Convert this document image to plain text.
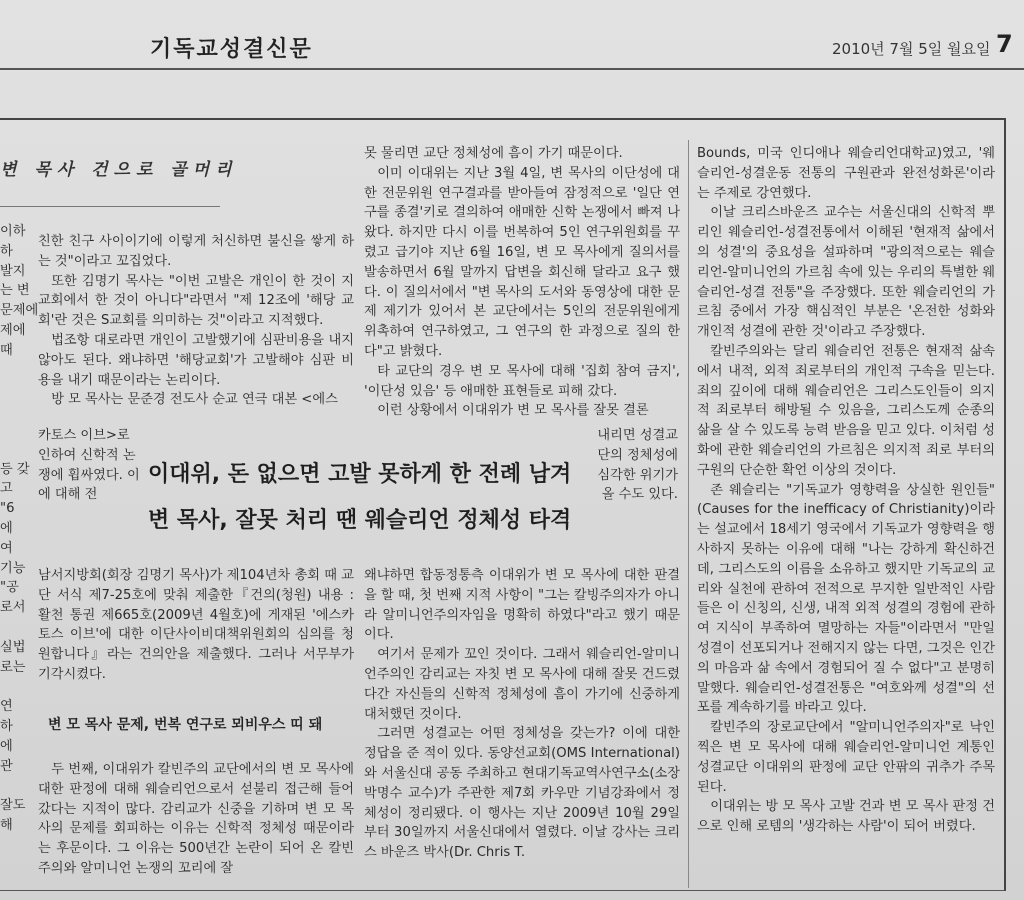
기독교성결신문	2010년 7월 5일 월요일 7
변 목사 건으로 골머리
이하
하
발지
는 변
문제에
제에
때

등 갖
고
"6
에
여
기능
"공
로서

실법
로는

연
하
에
관

잘도
해

친한 친구 사이이기에 이렇게 처신하면 불신을 쌓게 하는 것"이라고 꼬집었다.

또한 김명기 목사는 "이번 고발은 개인이 한 것이 지 교회에서 한 것이 아니다"라면서 "제 12조에 '해당 교회'란 것은 S교회를 의미하는 것"이라고 지적했다.

법조항 대로라면 개인이 고발했기에 심판비용을 내지 않아도 된다. 왜냐하면 '해당교회'가 고발해야 심판 비용을 내기 때문이라는 논리이다.

방 모 목사는 문준경 전도사 순교 연극 대본 <에스

카토스 이브>로 인하여 신학적 논쟁에 휩싸였다. 이에 대해 전

남서지방회(회장 김명기 목사)가 제104년차 총회 때 교단 서식 제7-25호에 맞춰 제출한『건의(청원) 내용 : 활천 통권 제665호(2009년 4월호)에 게재된 '에스카토스 이브'에 대한 이단사이비대책위원회의 심의를 청원합니다』라는 건의안을 제출했다. 그러나 서무부가 기각시켰다.

변 모 목사 문제, 번복 연구로 뫼비우스 띠 돼

두 번째, 이대위가 칼빈주의 교단에서의 변 모 목사에 대한 판정에 대해 웨슬리언으로서 섣불리 접근해 들어갔다는 지적이 많다. 감리교가 신중을 기하며 변 모 목사의 문제를 회피하는 이유는 신학적 정체성 때문이라는 후문이다. 그 이유는 500년간 논란이 되어 온 칼빈주의와 알미니언 논쟁의 꼬리에 잘

못 물리면 교단 정체성에 흠이 가기 때문이다.

이미 이대위는 지난 3월 4일, 변 목사의 이단성에 대한 전문위원 연구결과를 받아들여 잠정적으로 '일단 연구를 종결'키로 결의하여 애매한 신학 논쟁에서 빠져 나왔다. 하지만 다시 이를 번복하여 5인 연구위원회를 꾸렸고 급기야 지난 6월 16일, 변 모 목사에게 질의서를 발송하면서 6월 말까지 답변을 회신해 달라고 요구 했다. 이 질의서에서 "변 목사의 도서와 동영상에 대한 문제 제기가 있어서 본 교단에서는 5인의 전문위원에게 위촉하여 연구하였고, 그 연구의 한 과정으로 질의 한다"고 밝혔다.

타 교단의 경우 변 모 목사에 대해 '집회 참여 금지', '이단성 있음' 등 애매한 표현들로 피해 갔다.

이런 상황에서 이대위가 변 모 목사를 잘못 결론

내리면 성결교단의 정체성에 심각한 위기가 올 수도 있다.

왜냐하면 합동정통측 이대위가 변 모 목사에 대한 판결을 할 때, 첫 번째 지적 사항이 "그는 칼빙주의자가 아니라 알미니언주의자임을 명확히 하였다"라고 했기 때문이다.

여기서 문제가 꼬인 것이다. 그래서 웨슬리언-알미니언주의인 감리교는 자칫 변 모 목사에 대해 잘못 건드렸다간 자신들의 신학적 정체성에 흠이 가기에 신중하게 대처했던 것이다.

그러면 성결교는 어떤 정체성을 갖는가? 이에 대한 정답을 준 적이 있다. 동양선교회(OMS International)와 서울신대 공동 주최하고 현대기독교역사연구소(소장 박명수 교수)가 주관한 제7회 카우만 기념강좌에서 정체성이 정리됐다. 이 행사는 지난 2009년 10월 29일부터 30일까지 서울신대에서 열렸다. 이날 강사는 크리스 바운즈 박사(Dr. Chris T.

이대위, 돈 없으면 고발 못하게 한 전례 남겨
변 목사, 잘못 처리 땐 웨슬리언 정체성 타격

Bounds, 미국 인디애나 웨슬리언대학교)였고, '웨슬리언-성결운동 전통의 구원관과 완전성화론'이라는 주제로 강연했다.

이날 크리스바운즈 교수는 서울신대의 신학적 뿌리인 웨슬리언-성결전통에서 이해된 '현재적 삶에서의 성결'의 중요성을 설파하며 "광의적으로는 웨슬리언-알미니언의 가르침 속에 있는 우리의 특별한 웨슬리언-성결 전통"을 주장했다. 또한 웨슬리언의 가르침 중에서 가장 핵심적인 부분은 '온전한 성화와 개인적 성결에 관한 것'이라고 주장했다.

칼빈주의와는 달리 웨슬리언 전통은 현재적 삶속에서 내적, 외적 죄로부터의 개인적 구속을 믿는다. 죄의 깊이에 대해 웨슬리언은 그리스도인들이 의지적 죄로부터 해방될 수 있음을, 그리스도께 순종의 삶을 살 수 있도록 능력 받음을 믿고 있다. 이처럼 성화에 관한 웨슬리언의 가르침은 의지적 죄로 부터의 구원의 단순한 확언 이상의 것이다.

존 웨슬리는 "기독교가 영향력을 상실한 원인들"(Causes for the inefficacy of Christianity)이라는 설교에서 18세기 영국에서 기독교가 영향력을 행사하지 못하는 이유에 대해 "나는 강하게 확신하건데, 그리스도의 이름을 소유하고 했지만 기독교의 교리와 실천에 관하여 전적으로 무지한 일반적인 사람들은 이 신칭의, 신생, 내적 외적 성결의 경험에 관하여 지식이 부족하여 멸망하는 자들"이라면서 "만일 성결이 선포되거나 전해지지 않는 다면, 그것은 인간의 마음과 삶 속에서 경험되어 질 수 없다"고 분명히 말했다. 웨슬리언-성결전통은 "여호와께 성결"의 선포를 계속하기를 바라고 있다.

칼빈주의 장로교단에서 "알미니언주의자"로 낙인찍은 변 모 목사에 대해 웨슬리언-알미니언 계통인 성결교단 이대위의 판정에 교단 안팎의 귀추가 주목된다.

이대위는 방 모 목사 고발 건과 변 모 목사 판정 건으로 인해 로템의 '생각하는 사람'이 되어 버렸다.
